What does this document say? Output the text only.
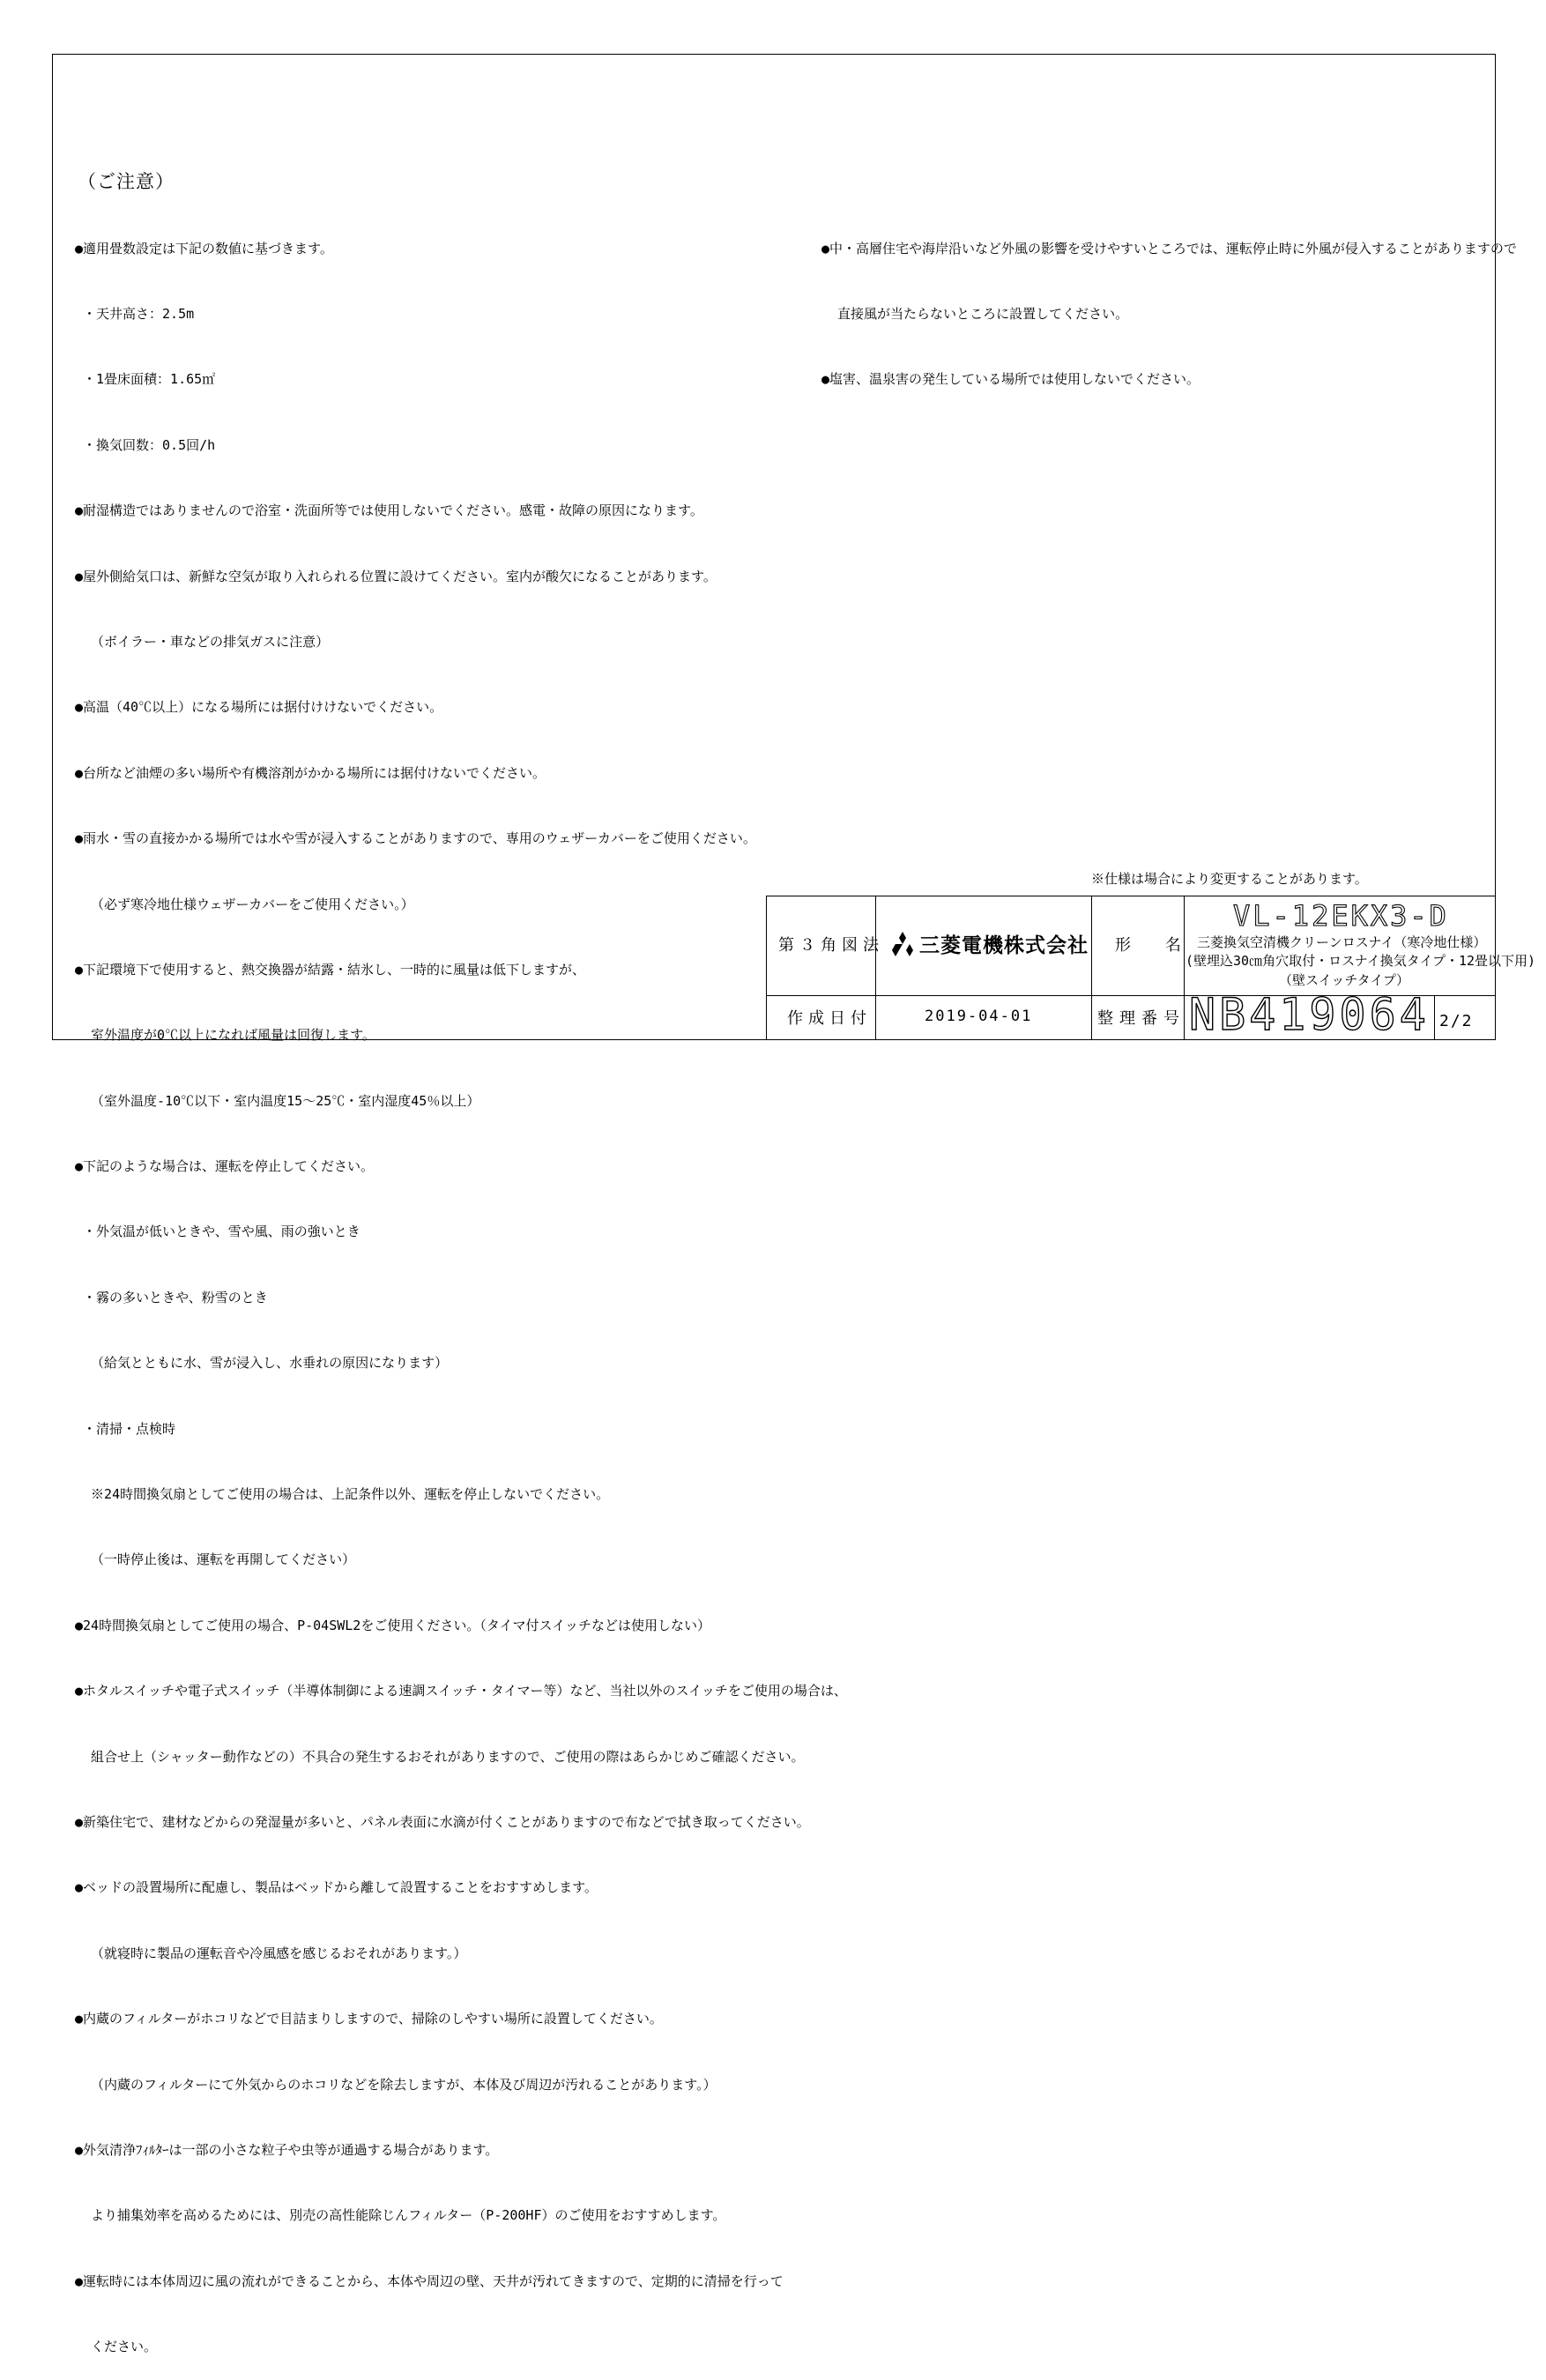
（ご注意）

●適用畳数設定は下記の数値に基づきます。

・天井高さ：2.5m

・1畳床面積：1.65㎡

・換気回数：0.5回/h

●耐湿構造ではありませんので浴室・洗面所等では使用しないでください。感電・故障の原因になります。

●屋外側給気口は、新鮮な空気が取り入れられる位置に設けてください。室内が酸欠になることがあります。

（ボイラー・車などの排気ガスに注意）

●高温（40℃以上）になる場所には据付けけないでください。

●台所など油煙の多い場所や有機溶剤がかかる場所には据付けないでください。

●雨水・雪の直接かかる場所では水や雪が浸入することがありますので、専用のウェザーカバーをご使用ください。

（必ず寒冷地仕様ウェザーカバーをご使用ください。）

●下記環境下で使用すると、熱交換器が結露・結氷し、一時的に風量は低下しますが、

室外温度が0℃以上になれば風量は回復します。

（室外温度-10℃以下・室内温度15～25℃・室内湿度45％以上）

●下記のような場合は、運転を停止してください。

・外気温が低いときや、雪や風、雨の強いとき

・霧の多いときや、粉雪のとき

（給気とともに水、雪が浸入し、水垂れの原因になります）

・清掃・点検時

※24時間換気扇としてご使用の場合は、上記条件以外、運転を停止しないでください。

（一時停止後は、運転を再開してください）

●24時間換気扇としてご使用の場合、P-04SWL2をご使用ください。（タイマ付スイッチなどは使用しない）

●ホタルスイッチや電子式スイッチ（半導体制御による速調スイッチ・タイマー等）など、当社以外のスイッチをご使用の場合は、

組合せ上（シャッター動作などの）不具合の発生するおそれがありますので、ご使用の際はあらかじめご確認ください。

●新築住宅で、建材などからの発湿量が多いと、パネル表面に水滴が付くことがありますので布などで拭き取ってください。

●ベッドの設置場所に配慮し、製品はベッドから離して設置することをおすすめします。

（就寝時に製品の運転音や冷風感を感じるおそれがあります。）

●内蔵のフィルターがホコリなどで目詰まりしますので、掃除のしやすい場所に設置してください。

（内蔵のフィルターにて外気からのホコリなどを除去しますが、本体及び周辺が汚れることがあります。）

●外気清浄ﾌｨﾙﾀｰは一部の小さな粒子や虫等が通過する場合があります。

より捕集効率を高めるためには、別売の高性能除じんフィルター（P-200HF）のご使用をおすすめします。

●運転時には本体周辺に風の流れができることから、本体や周辺の壁、天井が汚れてきますので、定期的に清掃を行って

ください。

●中・高層住宅や海岸沿いなど外風の影響を受けやすいところでは、運転停止時に外風が侵入することがありますので

直接風が当たらないところに設置してください。

●塩害、温泉害の発生している場所では使用しないでください。

※仕様は場合により変更することがあります。
第３角図法 三菱電機株式会社 形 名
VL-12EKX3-D
三菱換気空清機クリーンロスナイ（寒冷地仕様）
(壁埋込30㎝角穴取付・ロスナイ換気タイプ・12畳以下用)
（壁スイッチタイプ）
作成日付	2019-04-01	整理番号 NB419064 2/2
